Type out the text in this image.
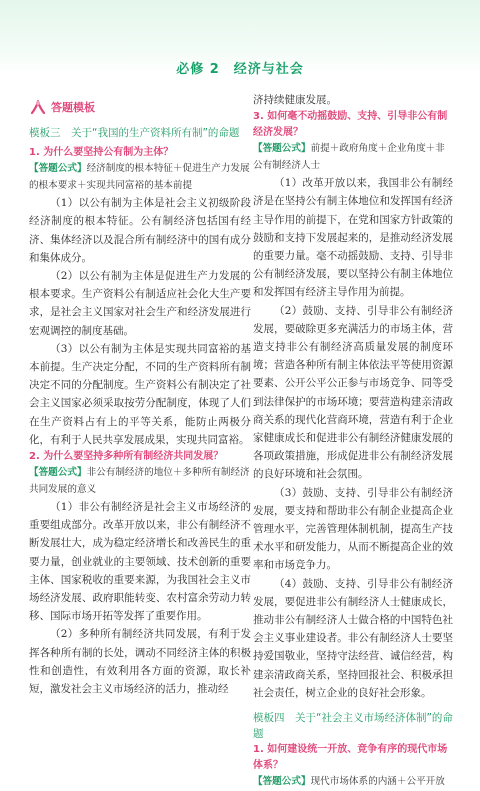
必修 2　经济与社会
答题模板
模板三　关于“我国的生产资料所有制”的命题
1. 为什么要坚持公有制为主体？
【答题公式】经济制度的根本特征＋促进生产力发展的根本要求＋实现共同富裕的基本前提
（1）以公有制为主体是社会主义初级阶段经济制度的根本特征。公有制经济包括国有经济、集体经济以及混合所有制经济中的国有成分和集体成分。
（2）以公有制为主体是促进生产力发展的根本要求。生产资料公有制适应社会化大生产要求，是社会主义国家对社会生产和经济发展进行宏观调控的制度基础。
（3）以公有制为主体是实现共同富裕的基本前提。生产决定分配，不同的生产资料所有制决定不同的分配制度。生产资料公有制决定了社会主义国家必须采取按劳分配制度，体现了人们在生产资料占有上的平等关系，能防止两极分化，有利于人民共享发展成果，实现共同富裕。
2. 为什么要坚持多种所有制经济共同发展？
【答题公式】非公有制经济的地位＋多种所有制经济共同发展的意义
（1）非公有制经济是社会主义市场经济的重要组成部分。改革开放以来，非公有制经济不断发展壮大，成为稳定经济增长和改善民生的重要力量，创业就业的主要领域、技术创新的重要主体、国家税收的重要来源，为我国社会主义市场经济发展、政府职能转变、农村富余劳动力转移、国际市场开拓等发挥了重要作用。
（2）多种所有制经济共同发展，有利于发挥各种所有制的长处，调动不同经济主体的积极性和创造性，有效利用各方面的资源，取长补短，激发社会主义市场经济的活力，推动经
济持续健康发展。
3. 如何毫不动摇鼓励、支持、引导非公有制经济发展？
【答题公式】前提＋政府角度＋企业角度＋非公有制经济人士
（1）改革开放以来，我国非公有制经济是在坚持公有制主体地位和发挥国有经济主导作用的前提下，在党和国家方针政策的鼓励和支持下发展起来的，是推动经济发展的重要力量。毫不动摇鼓励、支持、引导非公有制经济发展，要以坚持公有制主体地位和发挥国有经济主导作用为前提。
（2）鼓励、支持、引导非公有制经济发展，要破除更多充满活力的市场主体，营造支持非公有制经济高质量发展的制度环境；营造各种所有制主体依法平等使用资源要素、公开公平公正参与市场竞争、同等受到法律保护的市场环境；要营造构建亲清政商关系的现代化营商环境，营造有利于企业家健康成长和促进非公有制经济健康发展的各项政策措施，形成促进非公有制经济发展的良好环境和社会氛围。
（3）鼓励、支持、引导非公有制经济发展，要支持和帮助非公有制企业提高企业管理水平，完善管理体制机制，提高生产技术水平和研发能力，从而不断提高企业的效率和市场竞争力。
（4）鼓励、支持、引导非公有制经济发展，要促进非公有制经济人士健康成长，推动非公有制经济人士做合格的中国特色社会主义事业建设者。非公有制经济人士要坚持爱国敬业，坚持守法经营、诚信经营，构建亲清政商关系，坚持回报社会、积极承担社会责任，树立企业的良好社会形象。
模板四　关于“社会主义市场经济体制”的命题
1. 如何建设统一开放、竞争有序的现代市场体系？
【答题公式】现代市场体系的内涵＋公平开放
